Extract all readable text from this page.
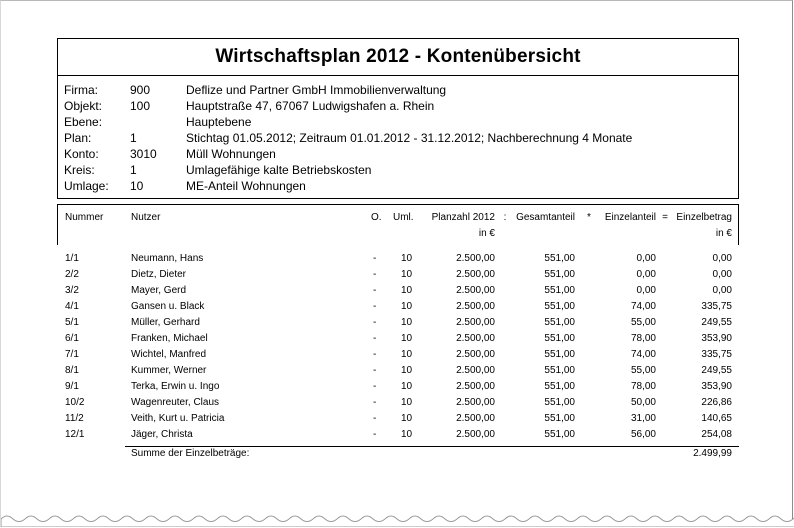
Wirtschaftsplan 2012 - Kontenübersicht
Firma:	900	Deflize und Partner GmbH Immobilienverwaltung
Objekt: 100	Hauptstraße 47, 67067 Ludwigshafen a. Rhein
Ebene:	Hauptebene
Plan:	1	Stichtag 01.05.2012; Zeitraum 01.01.2012 - 31.12.2012; Nachberechnung 4 Monate
Konto:	3010 Müll Wohnungen
Kreis:	1	Umlagefähige kalte Betriebskosten
Umlage: 10	ME-Anteil Wohnungen
Nummer	Nutzer	O. Uml.	Planzahl 2012 : Gesamtanteil	*	Einzelanteil = Einzelbetrag
in €	in €
1/1	Neumann, Hans	- 10	2.500,00	551,00	0,00	0,00
2/2	Dietz, Dieter	- 10	2.500,00	551,00	0,00	0,00
3/2	Mayer, Gerd	- 10	2.500,00	551,00	0,00	0,00
4/1	Gansen u. Black	- 10	2.500,00	551,00	74,00	335,75
5/1	Müller, Gerhard	- 10	2.500,00	551,00	55,00	249,55
6/1	Franken, Michael	- 10	2.500,00	551,00	78,00	353,90
7/1	Wichtel, Manfred	- 10	2.500,00	551,00	74,00	335,75
8/1	Kummer, Werner	- 10	2.500,00	551,00	55,00	249,55
9/1	Terka, Erwin u. Ingo	- 10	2.500,00	551,00	78,00	353,90
10/2	Wagenreuter, Claus	- 10	2.500,00	551,00	50,00	226,86
11/2	Veith, Kurt u. Patricia	- 10	2.500,00	551,00	31,00	140,65
12/1	Jäger, Christa	- 10	2.500,00	551,00	56,00	254,08
Summe der Einzelbeträge:	2.499,99
